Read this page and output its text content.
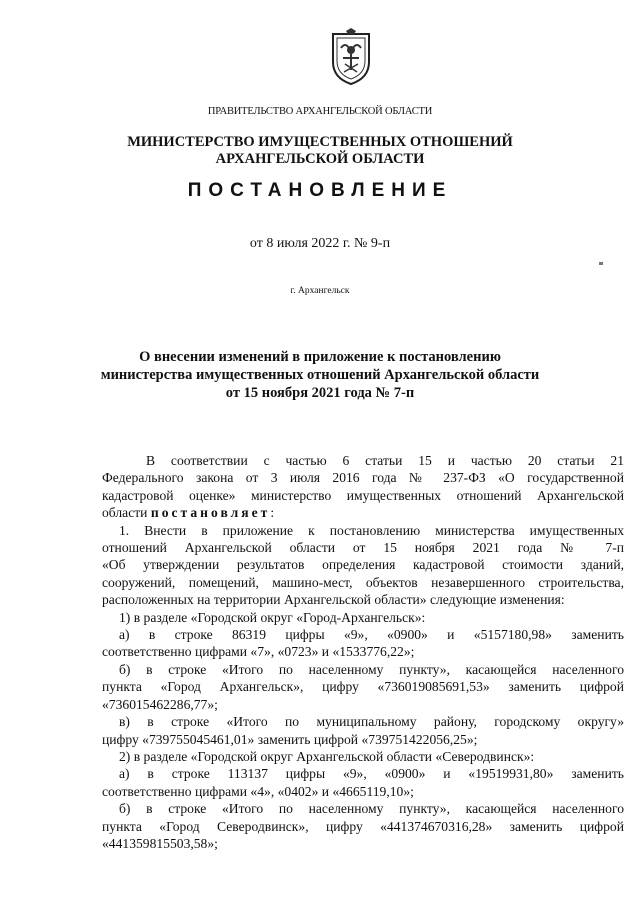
ПРАВИТЕЛЬСТВО АРХАНГЕЛЬСКОЙ ОБЛАСТИ
МИНИСТЕРСТВО ИМУЩЕСТВЕННЫХ ОТНОШЕНИЙ
АРХАНГЕЛЬСКОЙ ОБЛАСТИ
ПОСТАНОВЛЕНИЕ
от 8 июля 2022 г. № 9-п
г. Архангельск
О внесении изменений в приложение к постановлению
министерства имущественных отношений Архангельской области
от 15 ноября 2021 года № 7-п

В соответствии с частью 6 статьи 15 и частью 20 статьи 21

Федерального закона от 3 июля 2016 года № 237-ФЗ «О государственной

кадастровой оценке» министерство имущественных отношений Архангельской

области постановляет:

1. Внести в приложение к постановлению министерства имущественных

отношений Архангельской области от 15 ноября 2021 года № 7-п

«Об утверждении результатов определения кадастровой стоимости зданий,

сооружений, помещений, машино-мест, объектов незавершенного строительства,

расположенных на территории Архангельской области» следующие изменения:

1) в разделе «Городской округ «Город-Архангельск»:

а) в строке 86319 цифры «9», «0900» и «5157180,98» заменить

соответственно цифрами «7», «0723» и «1533776,22»;

б) в строке «Итого по населенному пункту», касающейся населенного

пункта «Город Архангельск», цифру «736019085691,53» заменить цифрой

«736015462286,77»;

в) в строке «Итого по муниципальному району, городскому округу»

цифру «739755045461,01» заменить цифрой «739751422056,25»;

2) в разделе «Городской округ Архангельской области «Северодвинск»:

а) в строке 113137 цифры «9», «0900» и «19519931,80» заменить

соответственно цифрами «4», «0402» и «4665119,10»;

б) в строке «Итого по населенному пункту», касающейся населенного

пункта «Город Северодвинск», цифру «441374670316,28» заменить цифрой

«441359815503,58»;
